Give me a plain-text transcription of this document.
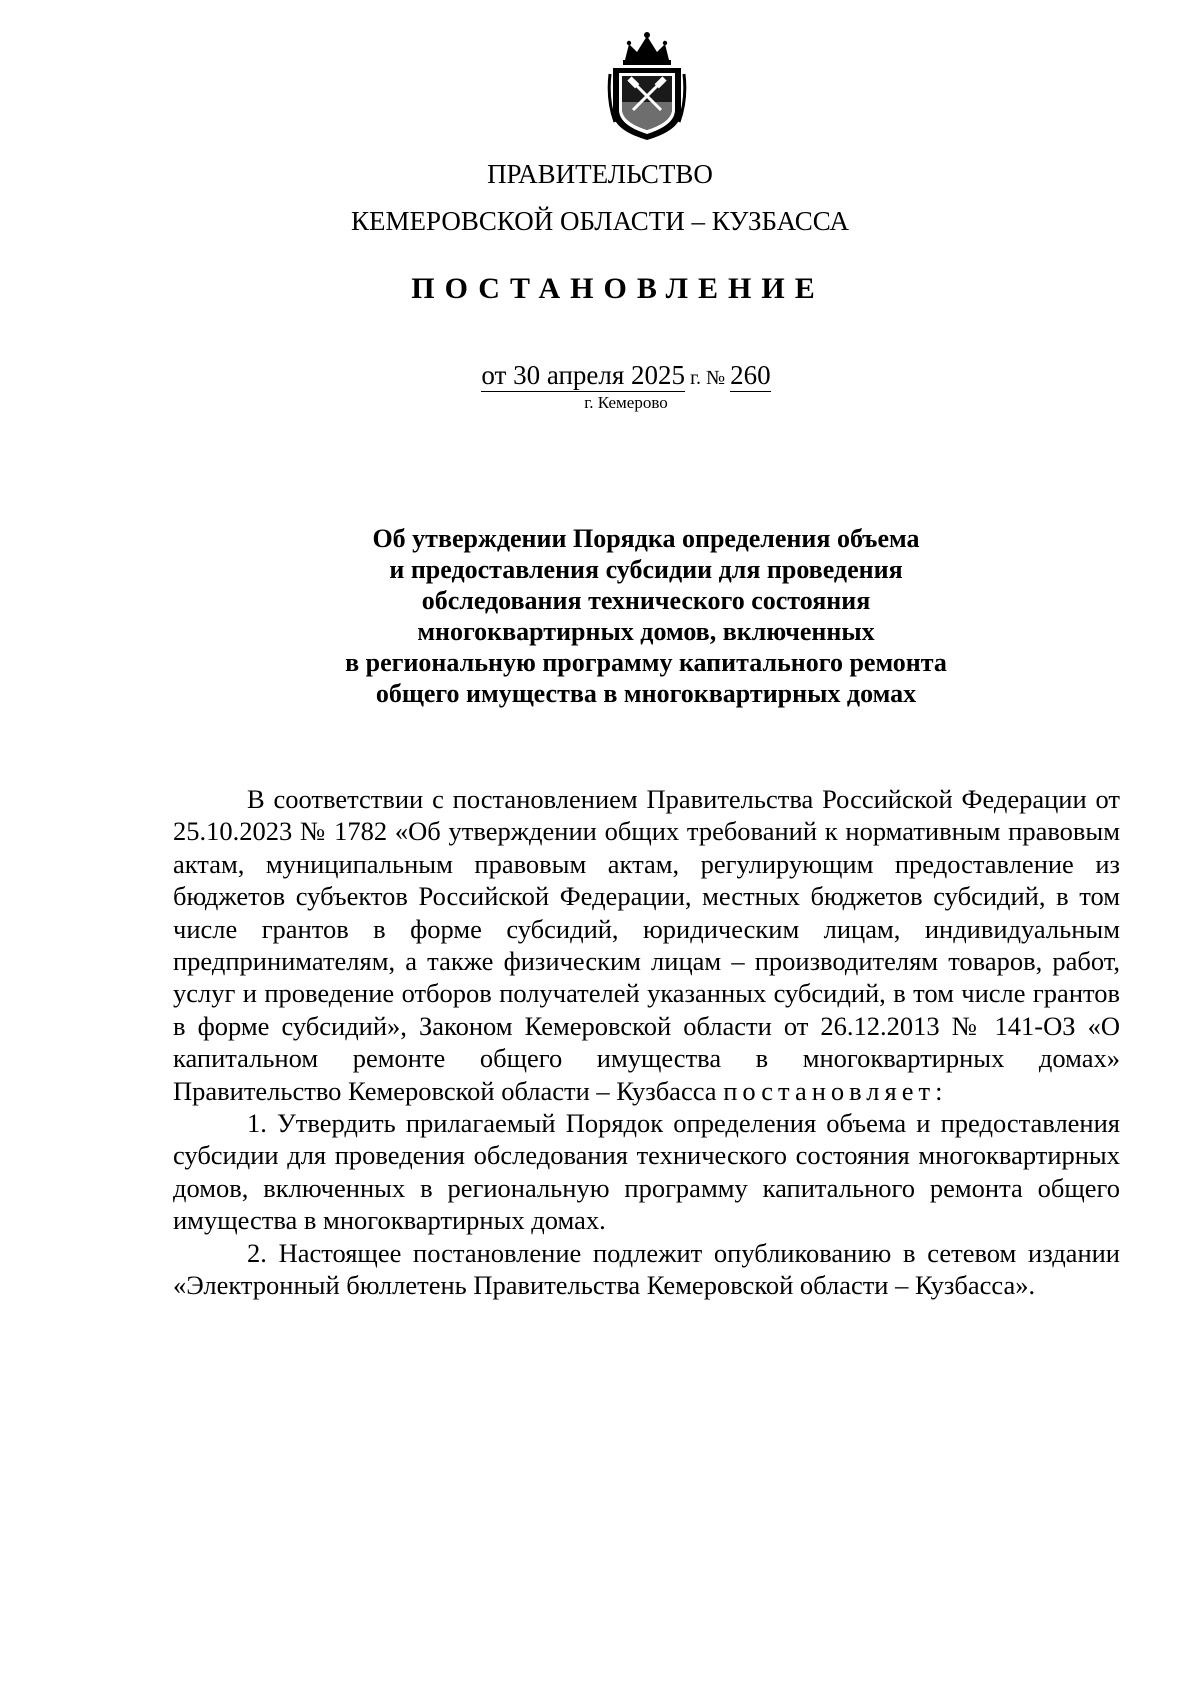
ПРАВИТЕЛЬСТВО
КЕМЕРОВСКОЙ ОБЛАСТИ – КУЗБАССА
ПОСТАНОВЛЕНИЕ
от 30 апреля 2025 г. № 260
г. Кемерово
Об утверждении Порядка определения объема
и предоставления субсидии для проведения
обследования технического состояния
многоквартирных домов, включенных
в региональную программу капитального ремонта
общего имущества в многоквартирных домах

В соответствии с постановлением Правительства Российской Федерации от 25.10.2023 № 1782 «Об утверждении общих требований к нормативным правовым актам, муниципальным правовым актам, регулирующим предоставление из бюджетов субъектов Российской Федерации, местных бюджетов субсидий, в том числе грантов в форме субсидий, юридическим лицам, индивидуальным предпринимателям, а также физическим лицам – производителям товаров, работ, услуг и проведение отборов получателей указанных субсидий, в том числе грантов в форме субсидий», Законом Кемеровской области от 26.12.2013 № 141-ОЗ «О капитальном ремонте общего имущества в многоквартирных домах» Правительство Кемеровской области – Кузбасса постановляет:

1. Утвердить прилагаемый Порядок определения объема и предоставления субсидии для проведения обследования технического состояния многоквартирных домов, включенных в региональную программу капитального ремонта общего имущества в многоквартирных домах.

2. Настоящее постановление подлежит опубликованию в сетевом издании «Электронный бюллетень Правительства Кемеровской области – Кузбасса».
